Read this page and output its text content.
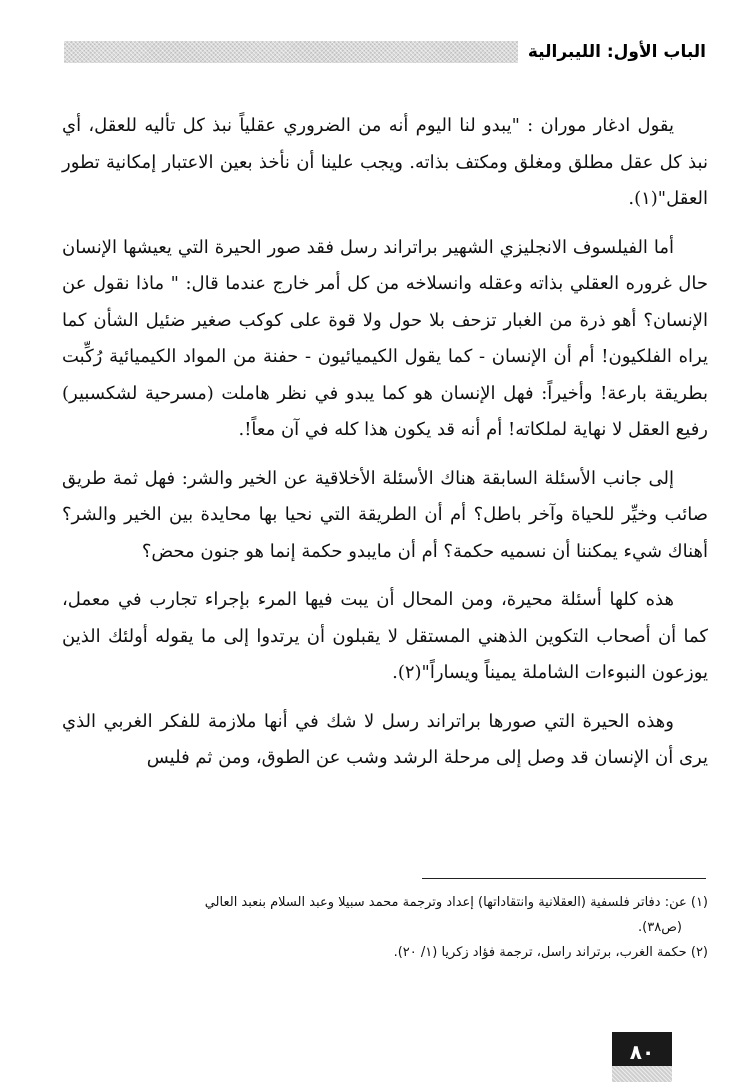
الباب الأول: الليبرالية

يقول ادغار موران : "يبدو لنا اليوم أنه من الضروري عقلياً نبذ كل تأليه للعقل، أي نبذ كل عقل مطلق ومغلق ومكتف بذاته. ويجب علينا أن نأخذ بعين الاعتبار إمكانية تطور العقل"(١).

أما الفيلسوف الانجليزي الشهير براتراند رسل فقد صور الحيرة التي يعيشها الإنسان حال غروره العقلي بذاته وعقله وانسلاخه من كل أمر خارج عندما قال: " ماذا نقول عن الإنسان؟ أهو ذرة من الغبار تزحف بلا حول ولا قوة على كوكب صغير ضئيل الشأن كما يراه الفلكيون! أم أن الإنسان - كما يقول الكيميائيون - حفنة من المواد الكيميائية رُكِّبت بطريقة بارعة! وأخيراً: فهل الإنسان هو كما يبدو في نظر هاملت (مسرحية لشكسبير) رفيع العقل لا نهاية لملكاته! أم أنه قد يكون هذا كله في آن معاً!.

إلى جانب الأسئلة السابقة هناك الأسئلة الأخلاقية عن الخير والشر: فهل ثمة طريق صائب وخيِّر للحياة وآخر باطل؟ أم أن الطريقة التي نحيا بها محايدة بين الخير والشر؟ أهناك شيء يمكننا أن نسميه حكمة؟ أم أن مايبدو حكمة إنما هو جنون محض؟

هذه كلها أسئلة محيرة، ومن المحال أن يبت فيها المرء بإجراء تجارب في معمل، كما أن أصحاب التكوين الذهني المستقل لا يقبلون أن يرتدوا إلى ما يقوله أولئك الذين يوزعون النبوءات الشاملة يميناً ويساراً"(٢).

وهذه الحيرة التي صورها براتراند رسل لا شك في أنها ملازمة للفكر الغربي الذي يرى أن الإنسان قد وصل إلى مرحلة الرشد وشب عن الطوق، ومن ثم فليس

(١) عن: دفاتر فلسفية (العقلانية وانتقاداتها) إعداد وترجمة محمد سبيلا وعبد السلام بنعبد العالي

(ص٣٨).

(٢) حكمة الغرب، برتراند راسل، ترجمة فؤاد زكريا (١/ ٢٠).

٨٠
